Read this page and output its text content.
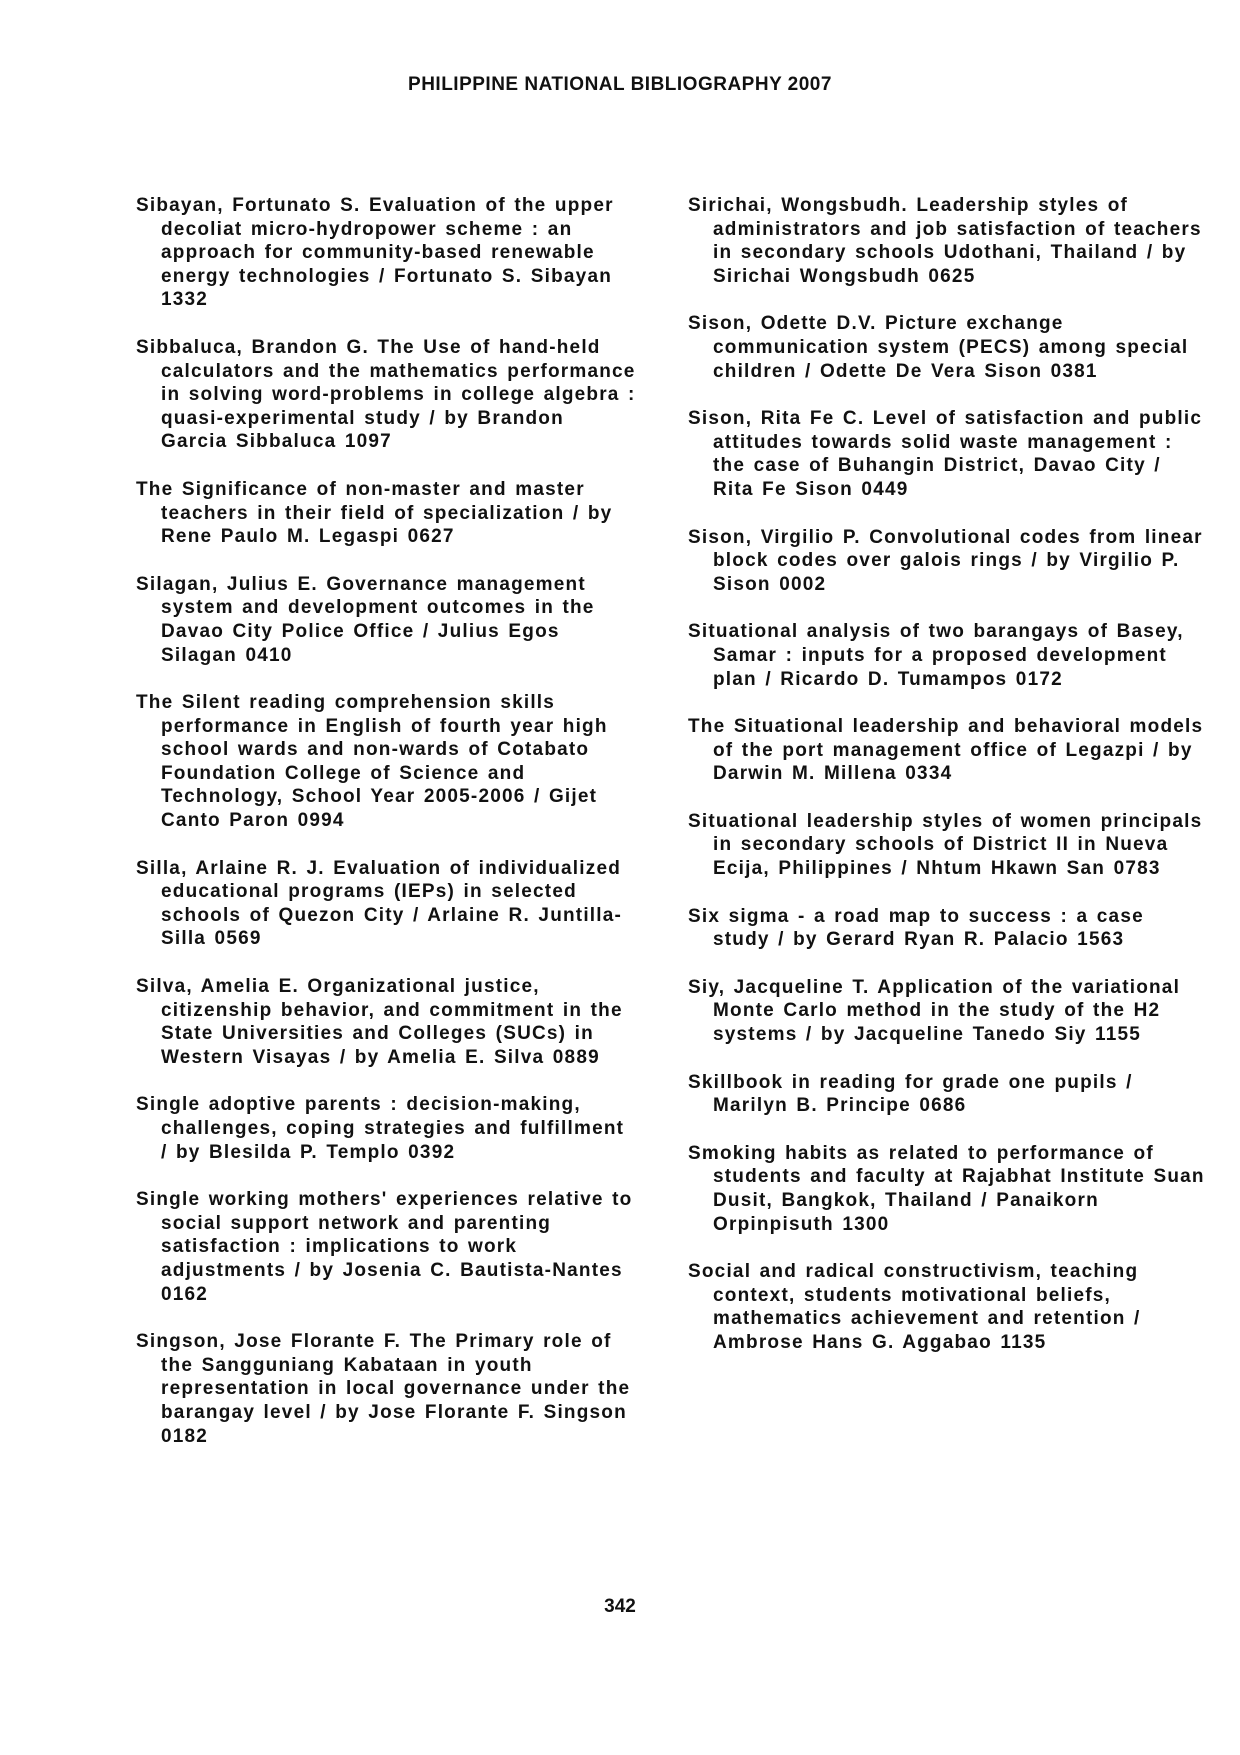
PHILIPPINE NATIONAL BIBLIOGRAPHY 2007

Sibayan, Fortunato S. Evaluation of the upper decoliat micro-hydropower scheme : an approach for community-based renewable energy technologies / Fortunato S. Sibayan 1332

Sibbaluca, Brandon G. The Use of hand-held calculators and the mathematics performance in solving word-problems in college algebra : quasi-experimental study / by Brandon Garcia Sibbaluca 1097

The Significance of non-master and master teachers in their field of specialization / by Rene Paulo M. Legaspi 0627

Silagan, Julius E. Governance management system and development outcomes in the Davao City Police Office / Julius Egos Silagan 0410

The Silent reading comprehension skills performance in English of fourth year high school wards and non-wards of Cotabato Foundation College of Science and Technology, School Year 2005-2006 / Gijet Canto Paron 0994

Silla, Arlaine R. J. Evaluation of individualized educational programs (IEPs) in selected schools of Quezon City / Arlaine R. Juntilla-Silla 0569

Silva, Amelia E. Organizational justice, citizenship behavior, and commitment in the State Universities and Colleges (SUCs) in Western Visayas / by Amelia E. Silva 0889

Single adoptive parents : decision-making, challenges, coping strategies and fulfillment / by Blesilda P. Templo 0392

Single working mothers' experiences relative to social support network and parenting satisfaction : implications to work adjustments / by Josenia C. Bautista-Nantes 0162

Singson, Jose Florante F. The Primary role of the Sangguniang Kabataan in youth representation in local governance under the barangay level / by Jose Florante F. Singson 0182

Sirichai, Wongsbudh. Leadership styles of administrators and job satisfaction of teachers in secondary schools Udothani, Thailand / by Sirichai Wongsbudh 0625

Sison, Odette D.V. Picture exchange communication system (PECS) among special children / Odette De Vera Sison 0381

Sison, Rita Fe C. Level of satisfaction and public attitudes towards solid waste management : the case of Buhangin District, Davao City / Rita Fe Sison 0449

Sison, Virgilio P. Convolutional codes from linear block codes over galois rings / by Virgilio P. Sison 0002

Situational analysis of two barangays of Basey, Samar : inputs for a proposed development plan / Ricardo D. Tumampos 0172

The Situational leadership and behavioral models of the port management office of Legazpi / by Darwin M. Millena 0334

Situational leadership styles of women principals in secondary schools of District II in Nueva Ecija, Philippines / Nhtum Hkawn San 0783

Six sigma - a road map to success : a case study / by Gerard Ryan R. Palacio 1563

Siy, Jacqueline T. Application of the variational Monte Carlo method in the study of the H2 systems / by Jacqueline Tanedo Siy 1155

Skillbook in reading for grade one pupils / Marilyn B. Principe 0686

Smoking habits as related to performance of students and faculty at Rajabhat Institute Suan Dusit, Bangkok, Thailand / Panaikorn Orpinpisuth 1300

Social and radical constructivism, teaching context, students motivational beliefs, mathematics achievement and retention / Ambrose Hans G. Aggabao 1135

342
